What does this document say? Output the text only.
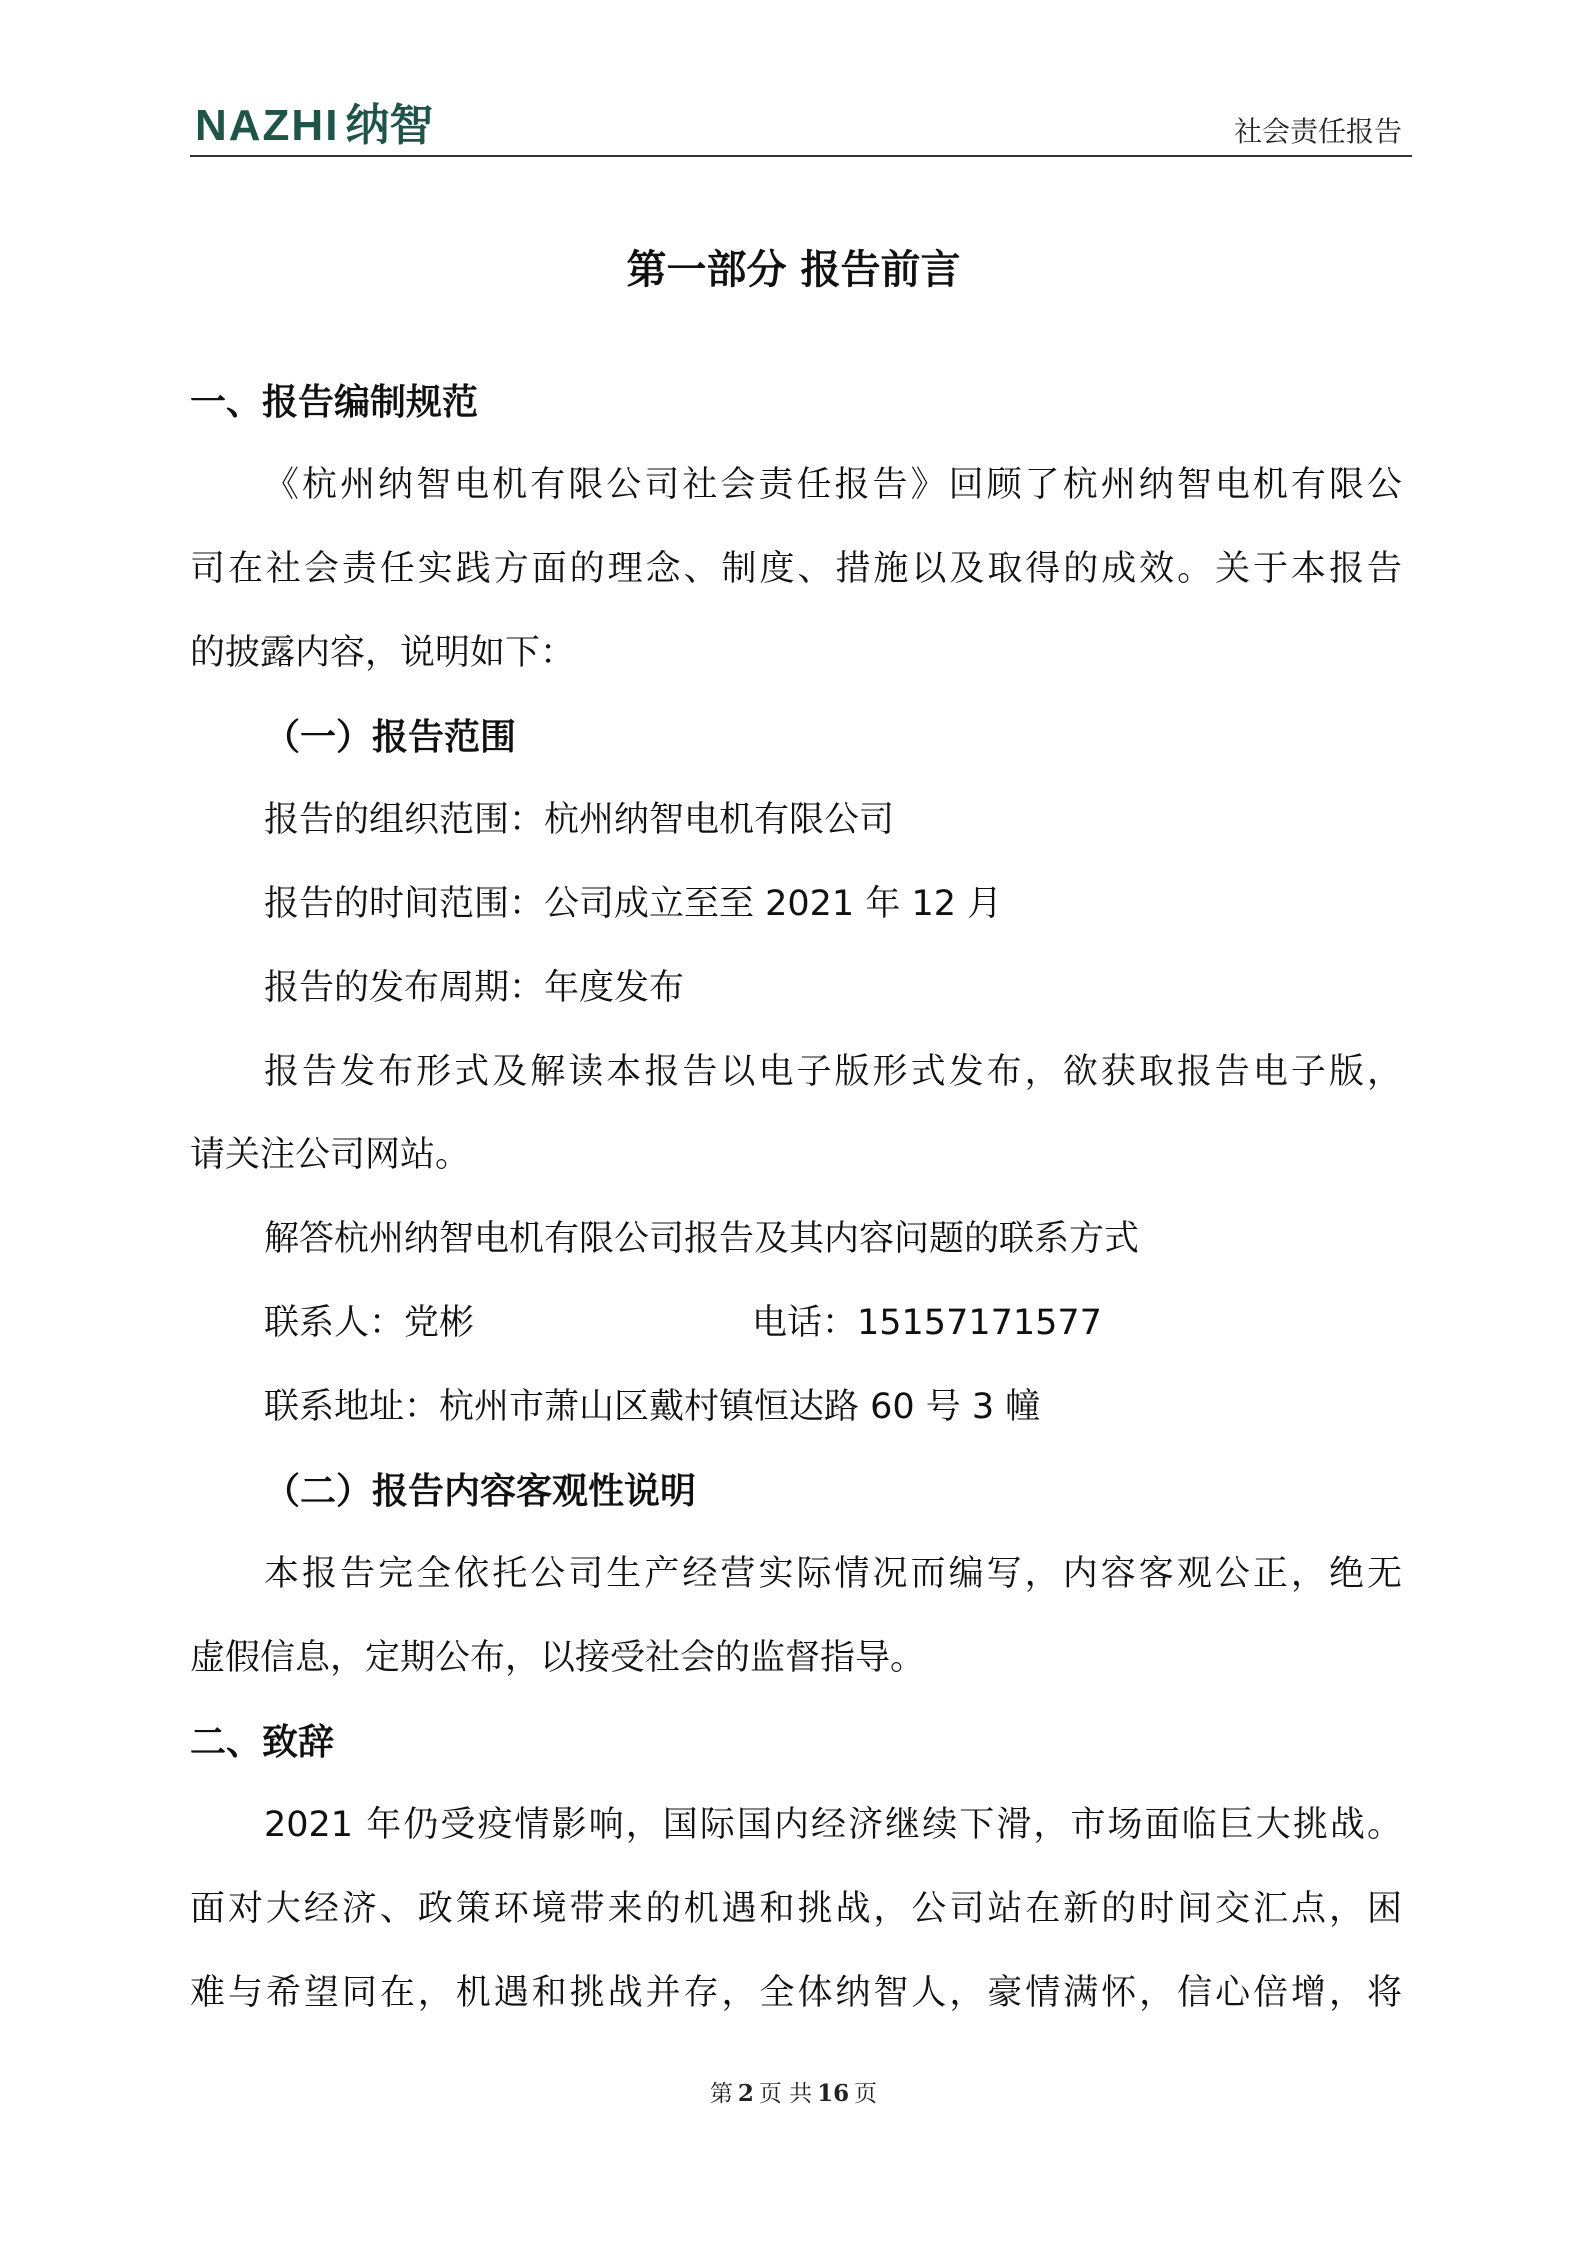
NAZHI 纳智	社会责任报告
第一部分 报告前言
一、报告编制规范
《杭州纳智电机有限公司社会责任报告》回顾了杭州纳智电机有限公
司在社会责任实践方面的理念、制度、措施以及取得的成效。关于本报告
的披露内容，说明如下：
（一）报告范围
报告的组织范围：杭州纳智电机有限公司
报告的时间范围：公司成立至至 2021 年 12 月
报告的发布周期：年度发布
报告发布形式及解读本报告以电子版形式发布，欲获取报告电子版，
请关注公司网站。
解答杭州纳智电机有限公司报告及其内容问题的联系方式
联系人：党彬	电话：15157171577
联系地址：杭州市萧山区戴村镇恒达路 60 号 3 幢
（二）报告内容客观性说明
本报告完全依托公司生产经营实际情况而编写，内容客观公正，绝无
虚假信息，定期公布，以接受社会的监督指导。
二、致辞
2021 年仍受疫情影响，国际国内经济继续下滑，市场面临巨大挑战。
面对大经济、政策环境带来的机遇和挑战，公司站在新的时间交汇点，困
难与希望同在，机遇和挑战并存，全体纳智人，豪情满怀，信心倍增，将
第 2 页 共 16 页
